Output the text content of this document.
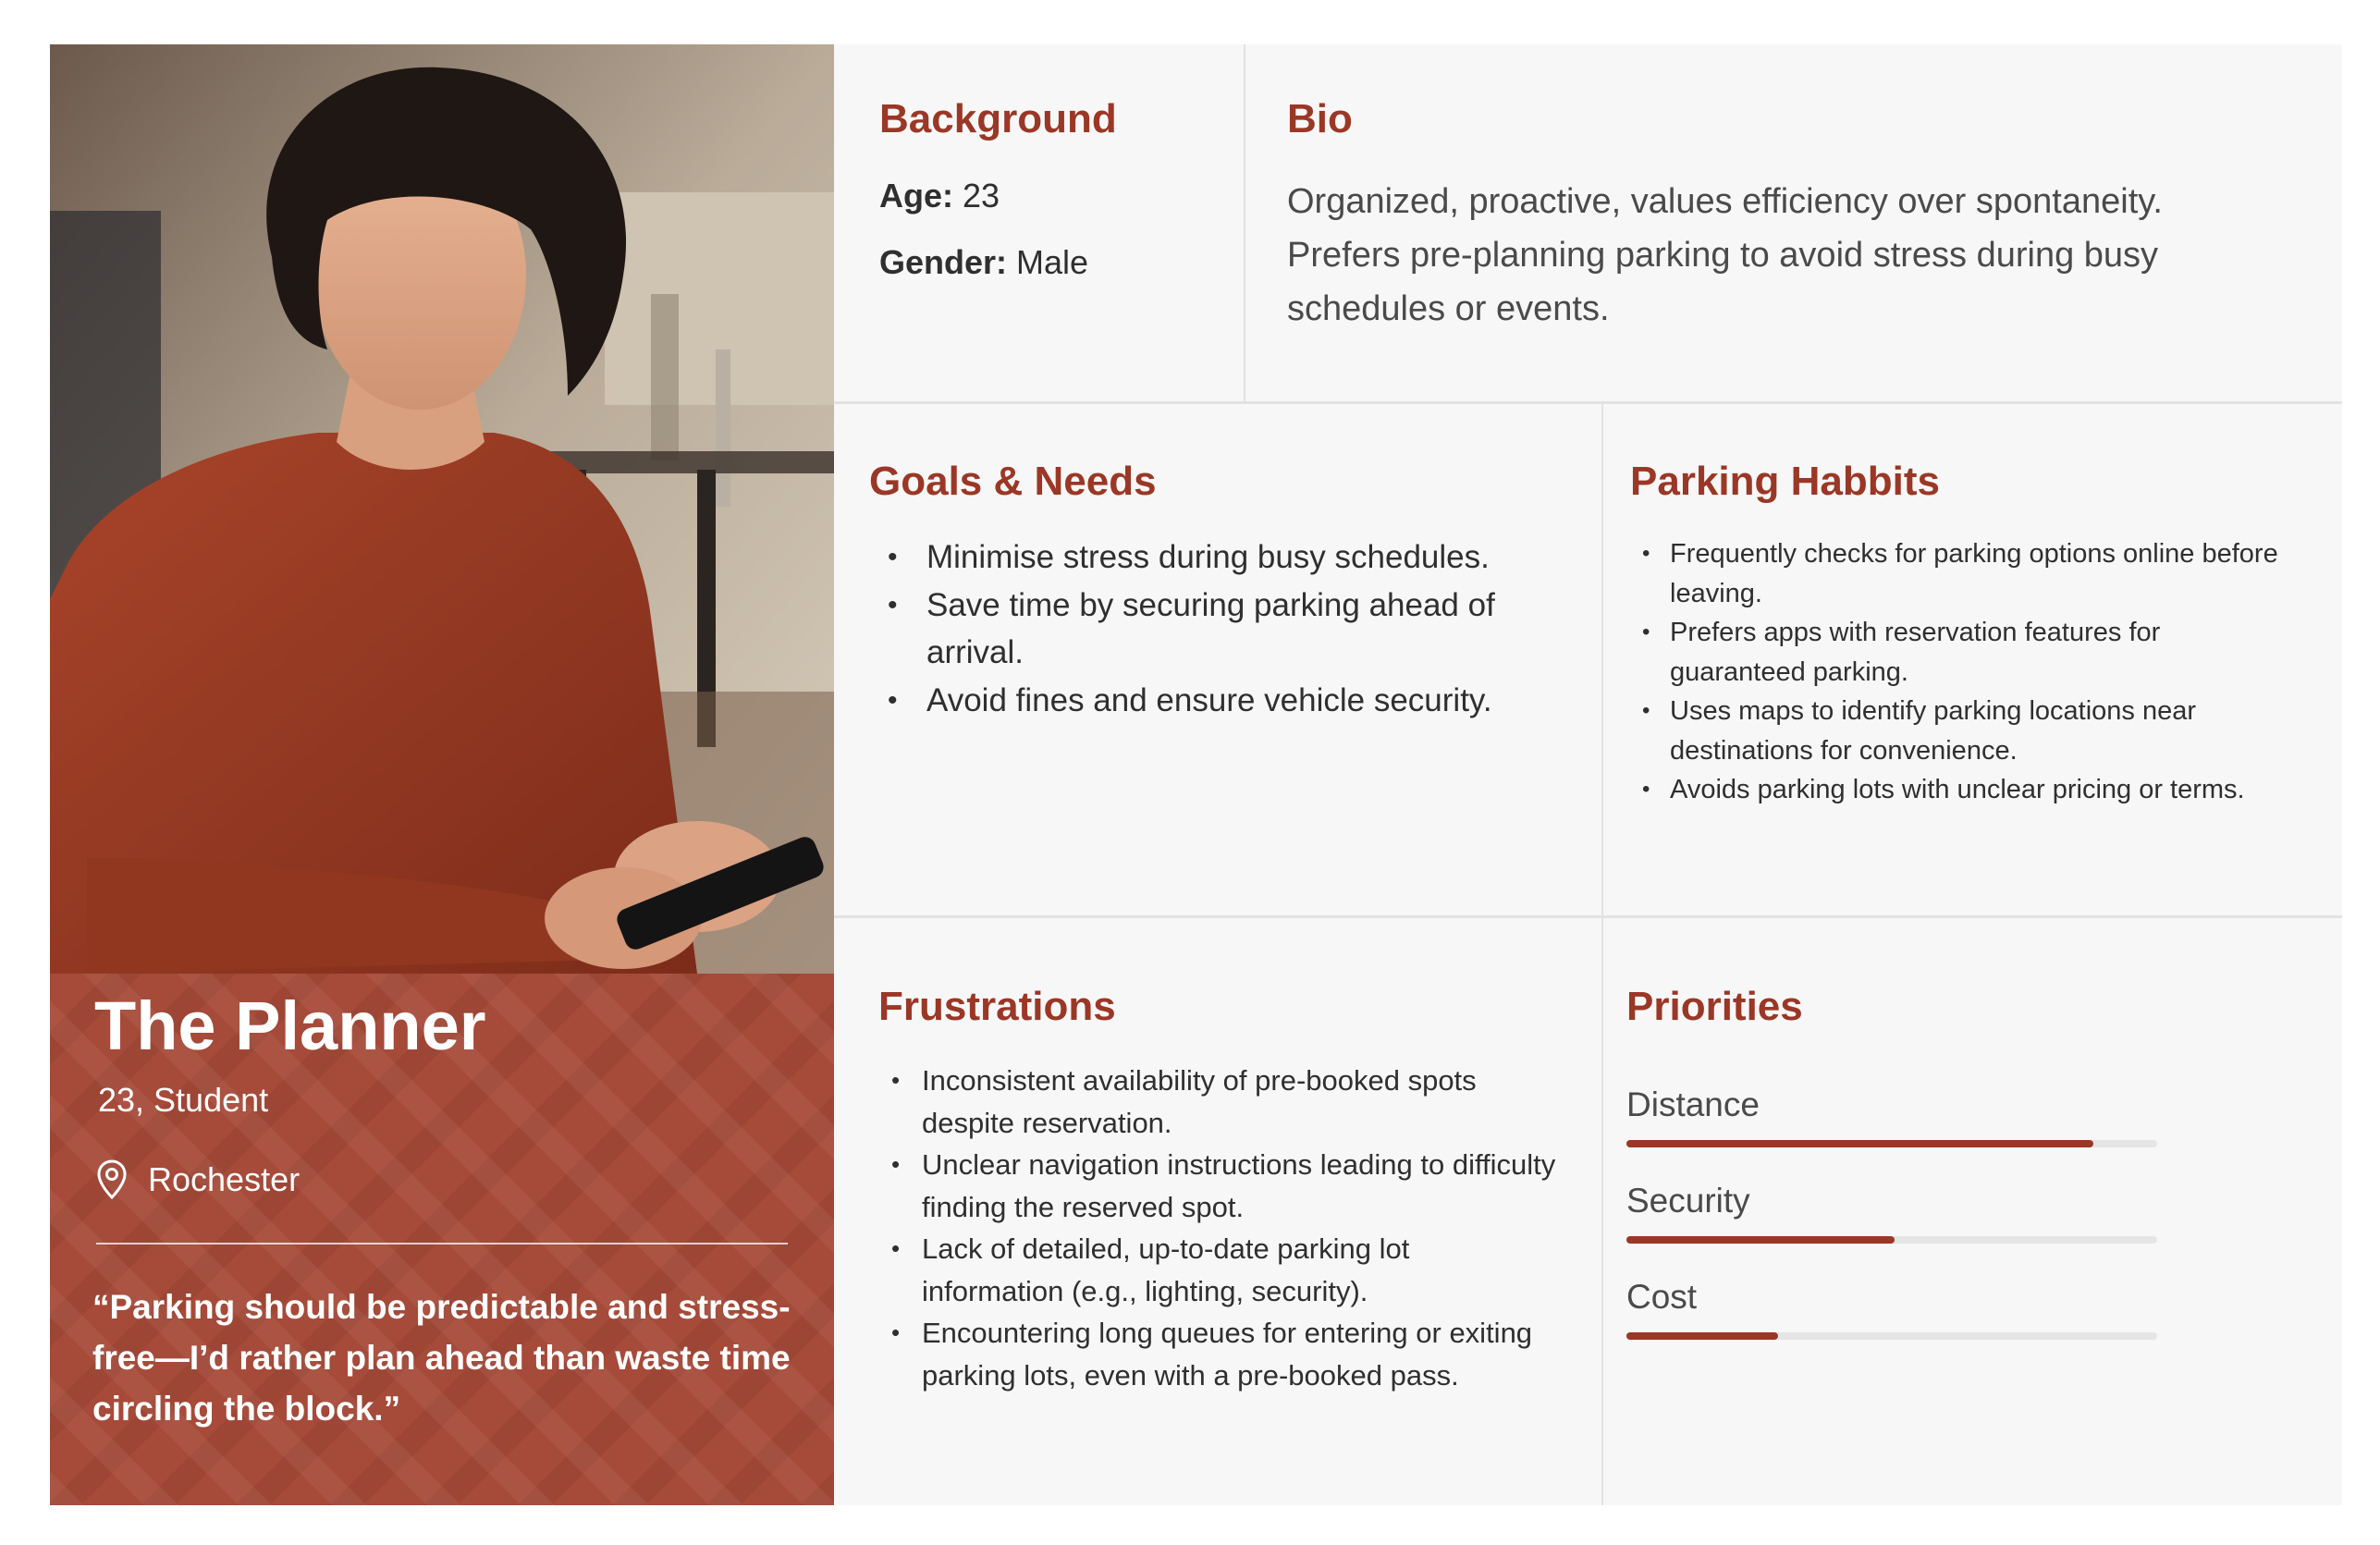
The Planner
23, Student
Rochester
“Parking should be predictable and stress-free—I’d rather plan ahead than waste time circling the block.”
Background
Age: 23
Gender: Male
Bio
Organized, proactive, values efficiency over spontaneity. Prefers pre-planning parking to avoid stress during busy schedules or events.
Goals & Needs
• Minimise stress during busy schedules.
• Save time by securing parking ahead of arrival.
• Avoid fines and ensure vehicle security.
Parking Habbits
• Frequently checks for parking options online before leaving.
• Prefers apps with reservation features for guaranteed parking.
• Uses maps to identify parking locations near destinations for convenience.
• Avoids parking lots with unclear pricing or terms.
Frustrations
• Inconsistent availability of pre-booked spots despite reservation.
• Unclear navigation instructions leading to difficulty finding the reserved spot.
• Lack of detailed, up-to-date parking lot information (e.g., lighting, security).
• Encountering long queues for entering or exiting parking lots, even with a pre-booked pass.
Priorities
Distance
Security
Cost
